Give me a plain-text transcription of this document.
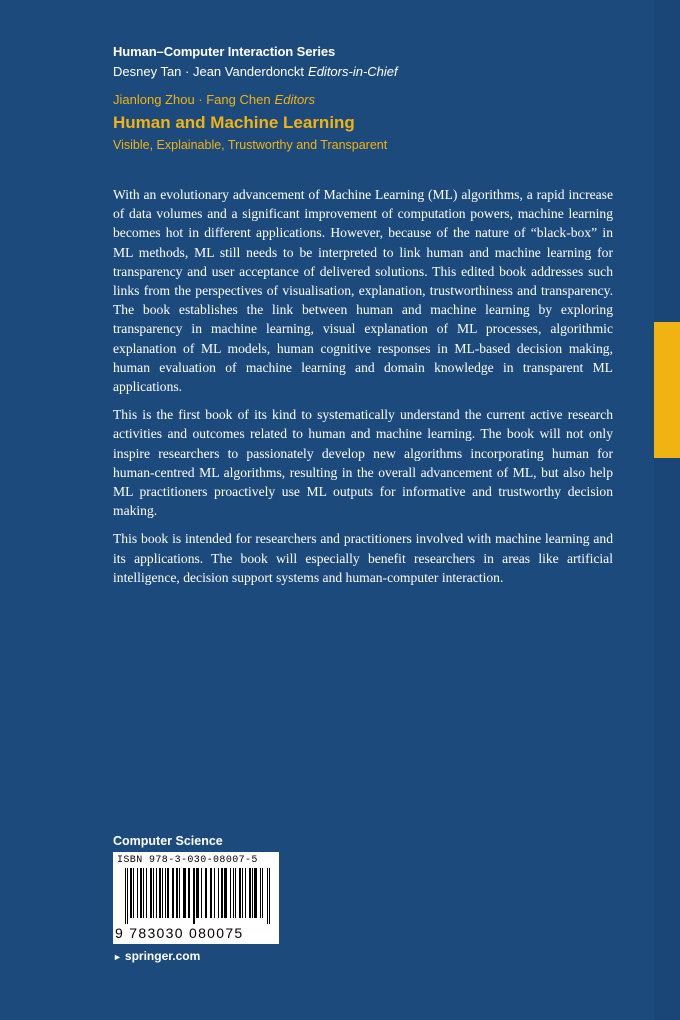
Human–Computer Interaction Series
Desney Tan · Jean Vanderdonckt Editors-in-Chief
Jianlong Zhou · Fang Chen Editors
Human and Machine Learning
Visible, Explainable, Trustworthy and Transparent

With an evolutionary advancement of Machine Learning (ML) algorithms, a rapid increase of data volumes and a significant improvement of computation powers, machine learning becomes hot in different applications. However, because of the nature of “black-box” in ML methods, ML still needs to be interpreted to link human and machine learning for transparency and user acceptance of delivered solutions. This edited book addresses such links from the perspectives of visualisation, explanation, trustworthiness and transparency. The book establishes the link between human and machine learning by exploring transparency in machine learning, visual explanation of ML processes, algorithmic explanation of ML models, human cognitive responses in ML-based decision making, human evaluation of machine learning and domain knowledge in transparent ML applications.

This is the first book of its kind to systematically understand the current active research activities and outcomes related to human and machine learning. The book will not only inspire researchers to passionately develop new algorithms incorporating human for human-centred ML algorithms, resulting in the overall advancement of ML, but also help ML practitioners proactively use ML outputs for informative and trustworthy decision making.

This book is intended for researchers and practitioners involved with machine learning and its applications. The book will especially benefit researchers in areas like artificial intelligence, decision support systems and human-computer interaction.

Computer Science
ISBN 978-3-030-08007-5
9 783030 080075
► springer.com
